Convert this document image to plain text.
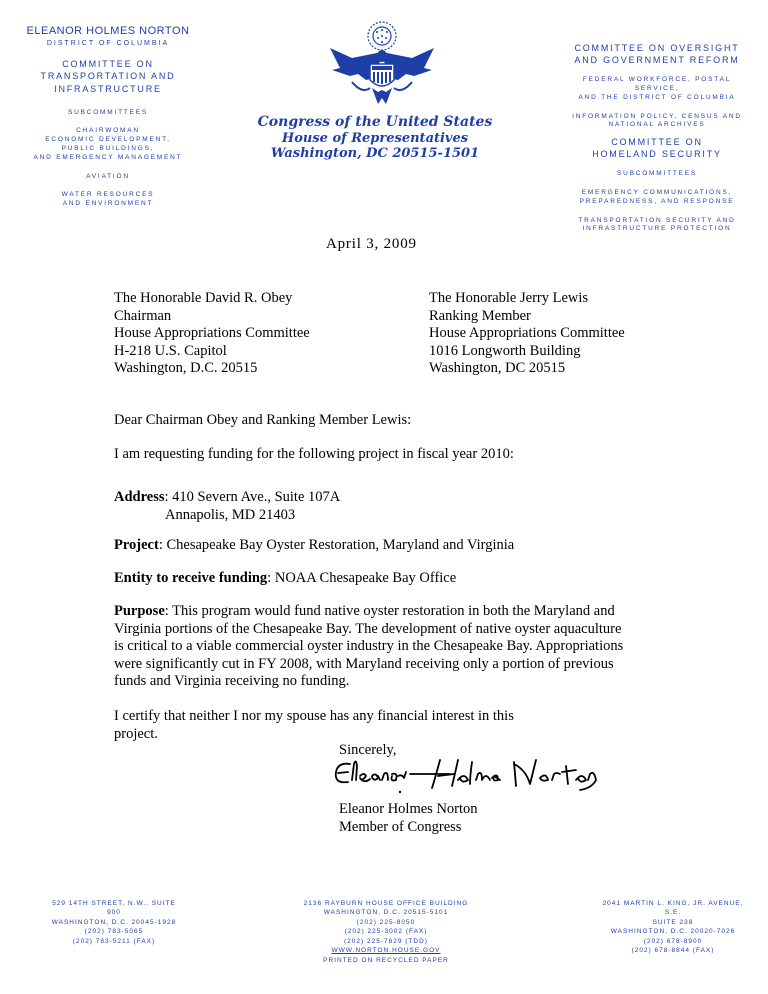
ELEANOR HOLMES NORTON
DISTRICT OF COLUMBIA
COMMITTEE ON
TRANSPORTATION AND
INFRASTRUCTURE
SUBCOMMITTEES
CHAIRWOMAN
ECONOMIC DEVELOPMENT,
PUBLIC BUILDINGS,
AND EMERGENCY MANAGEMENT
AVIATION
WATER RESOURCES
AND ENVIRONMENT
Congress of the United States
House of Representatives
Washington, DC 20515-1501
COMMITTEE ON OVERSIGHT
AND GOVERNMENT REFORM
FEDERAL WORKFORCE, POSTAL SERVICE,
AND THE DISTRICT OF COLUMBIA
INFORMATION POLICY, CENSUS AND
NATIONAL ARCHIVES
COMMITTEE ON
HOMELAND SECURITY
SUBCOMMITTEES
EMERGENCY COMMUNICATIONS,
PREPAREDNESS, AND RESPONSE
TRANSPORTATION SECURITY AND
INFRASTRUCTURE PROTECTION
April 3, 2009
The Honorable David R. Obey
Chairman
House Appropriations Committee
H-218 U.S. Capitol
Washington, D.C. 20515
The Honorable Jerry Lewis
Ranking Member
House Appropriations Committee
1016 Longworth Building
Washington, DC 20515
Dear Chairman Obey and Ranking Member Lewis:
I am requesting funding for the following project in fiscal year 2010:
Address: 410 Severn Ave., Suite 107A
Annapolis, MD 21403
Project: Chesapeake Bay Oyster Restoration, Maryland and Virginia
Entity to receive funding: NOAA Chesapeake Bay Office
Purpose: This program would fund native oyster restoration in both the Maryland and
Virginia portions of the Chesapeake Bay. The development of native oyster aquaculture
is critical to a viable commercial oyster industry in the Chesapeake Bay. Appropriations
were significantly cut in FY 2008, with Maryland receiving only a portion of previous
funds and Virginia receiving no funding.
I certify that neither I nor my spouse has any financial interest in this
project.
Sincerely,
Eleanor Holmes Norton
Member of Congress
529 14TH STREET, N.W., SUITE 900
WASHINGTON, D.C. 20045-1928
(202) 783-5065
(202) 783-5211 (FAX)
2136 RAYBURN HOUSE OFFICE BUILDING
WASHINGTON, D.C. 20515-5101
(202) 225-8050
(202) 225-3002 (FAX)
(202) 225-7829 (TDD)
WWW.NORTON.HOUSE.GOV
PRINTED ON RECYCLED PAPER
2041 MARTIN L. KING, JR. AVENUE, S.E.
SUITE 238
WASHINGTON, D.C. 20020-7026
(202) 678-8900
(202) 678-8844 (FAX)
